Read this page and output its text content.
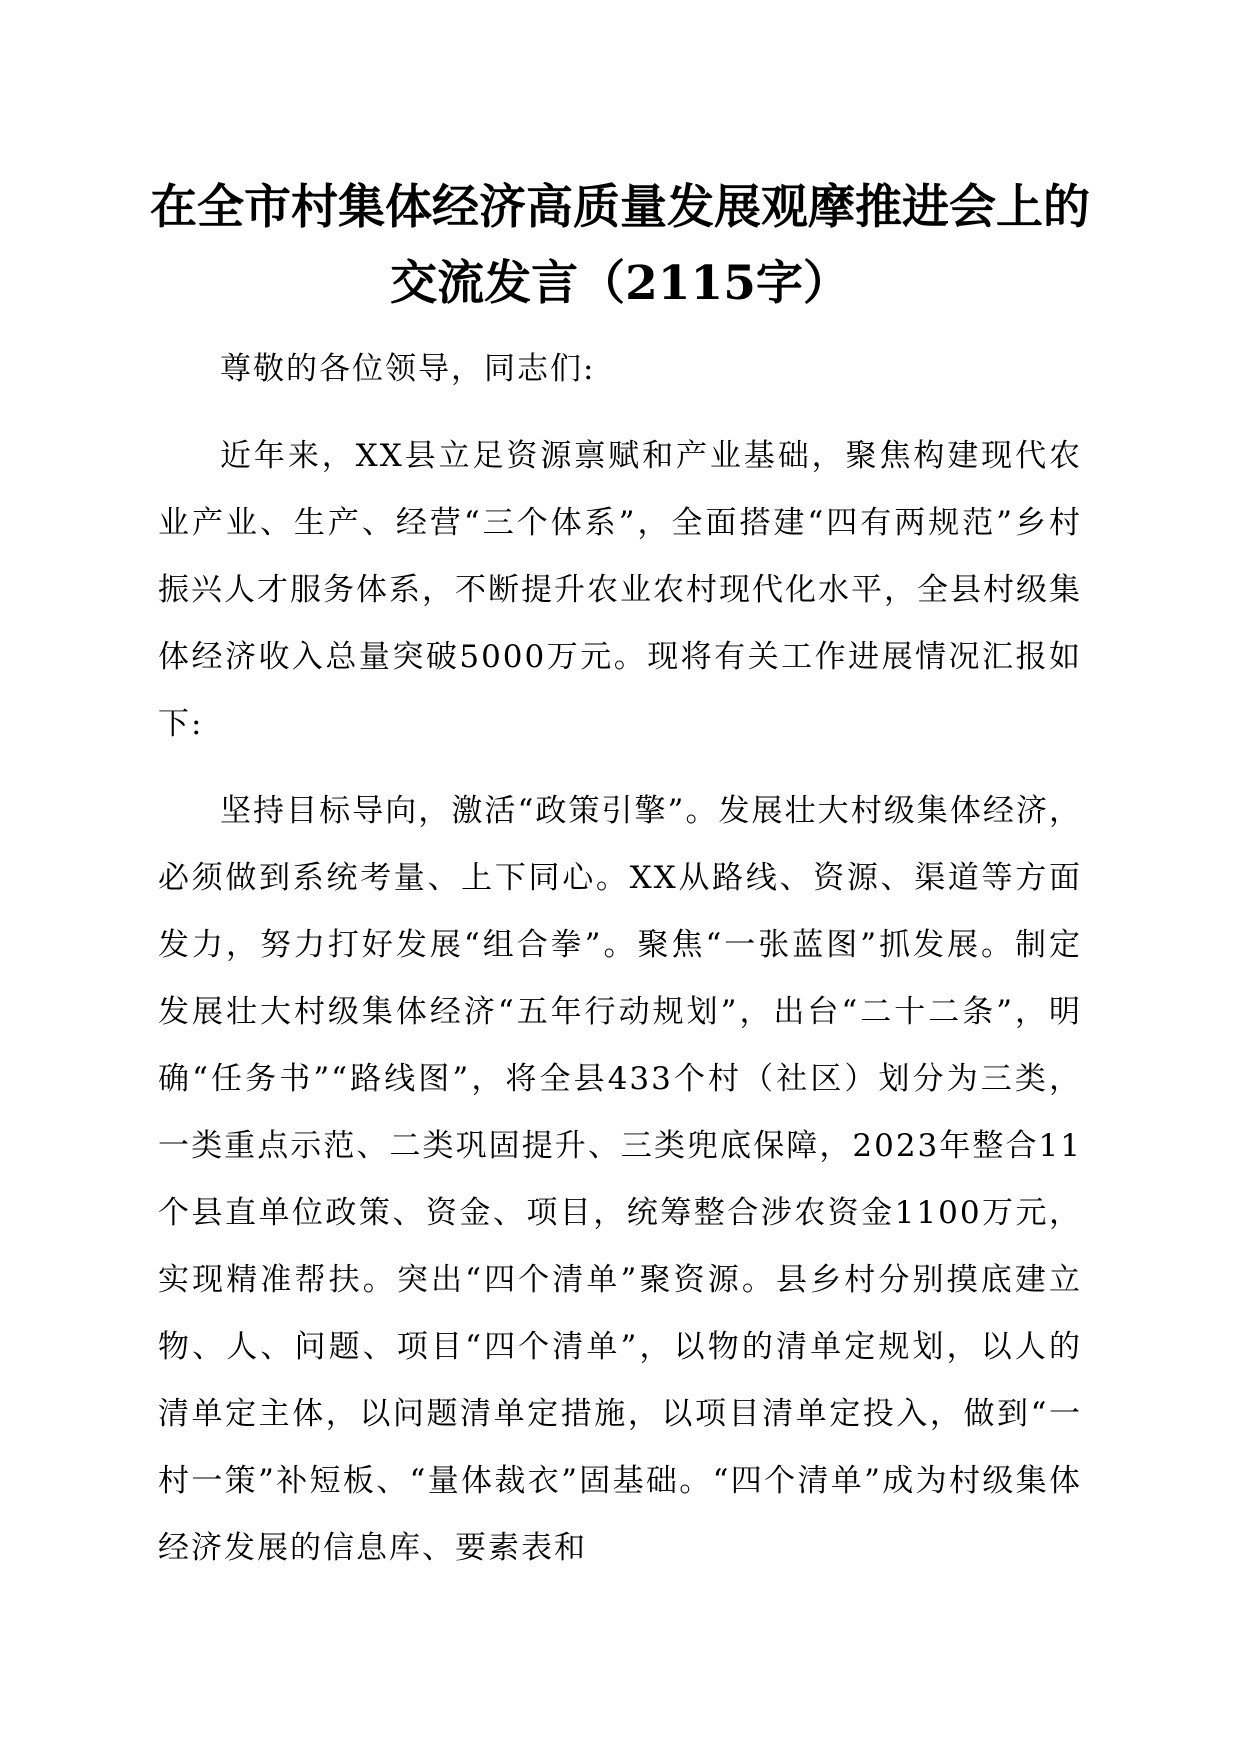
在全市村集体经济高质量发展观摩推进会上的
交流发言（2115字）

尊敬的各位领导，同志们:

近年来，XX县立足资源禀赋和产业基础，聚焦构建现代农业产业、生产、经营“三个体系”，全面搭建“四有两规范”乡村振兴人才服务体系，不断提升农业农村现代化水平，全县村级集体经济收入总量突破5000万元。现将有关工作进展情况汇报如下:

坚持目标导向，激活“政策引擎”。发展壮大村级集体经济，必须做到系统考量、上下同心。XX从路线、资源、渠道等方面发力，努力打好发展“组合拳”。聚焦“一张蓝图”抓发展。制定发展壮大村级集体经济“五年行动规划”，出台“二十二条”，明确“任务书”“路线图”，将全县433个村（社区）划分为三类，一类重点示范、二类巩固提升、三类兜底保障，2023年整合11个县直单位政策、资金、项目，统筹整合涉农资金1100万元，实现精准帮扶。突出“四个清单”聚资源。县乡村分别摸底建立物、人、问题、项目“四个清单”，以物的清单定规划，以人的清单定主体，以问题清单定措施，以项目清单定投入，做到“一村一策”补短板、“量体裁衣”固基础。“四个清单”成为村级集体经济发展的信息库、要素表和
